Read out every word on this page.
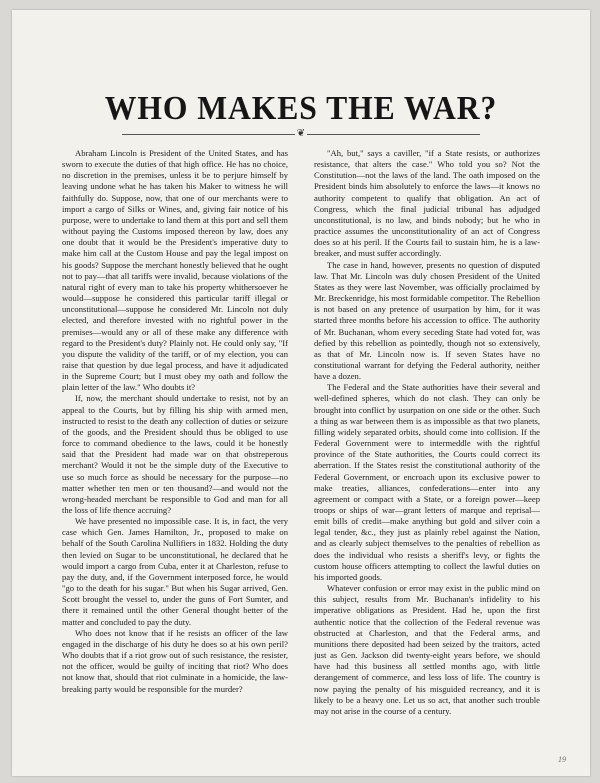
WHO MAKES THE WAR?
❦

Abraham Lincoln is President of the United States, and has sworn to execute the duties of that high office. He has no choice, no discretion in the premises, unless it be to perjure himself by leaving undone what he has taken his Maker to witness he will faithfully do. Suppose, now, that one of our merchants were to import a cargo of Silks or Wines, and, giving fair notice of his purpose, were to undertake to land them at this port and sell them without paying the Customs imposed thereon by law, does any one doubt that it would be the President's imperative duty to make him call at the Custom House and pay the legal impost on his goods? Suppose the merchant honestly believed that he ought not to pay—that all tariffs were invalid, because violations of the natural right of every man to take his property whithersoever he would—suppose he considered this particular tariff illegal or unconstitutional—suppose he considered Mr. Lincoln not duly elected, and therefore invested with no rightful power in the premises—would any or all of these make any difference with regard to the President's duty? Plainly not. He could only say, "If you dispute the validity of the tariff, or of my election, you can raise that question by due legal process, and have it adjudicated in the Supreme Court; but I must obey my oath and follow the plain letter of the law." Who doubts it?

If, now, the merchant should undertake to resist, not by an appeal to the Courts, but by filling his ship with armed men, instructed to resist to the death any collection of duties or seizure of the goods, and the President should thus be obliged to use force to command obedience to the laws, could it be honestly said that the President had made war on that obstreperous merchant? Would it not be the simple duty of the Executive to use so much force as should be necessary for the purpose—no matter whether ten men or ten thousand?—and would not the wrong-headed merchant be responsible to God and man for all the loss of life thence accruing?

We have presented no impossible case. It is, in fact, the very case which Gen. James Hamilton, Jr., proposed to make on behalf of the South Carolina Nullifiers in 1832. Holding the duty then levied on Sugar to be unconstitutional, he declared that he would import a cargo from Cuba, enter it at Charleston, refuse to pay the duty, and, if the Government interposed force, he would "go to the death for his sugar." But when his Sugar arrived, Gen. Scott brought the vessel to, under the guns of Fort Sumter, and there it remained until the other General thought better of the matter and concluded to pay the duty.

Who does not know that if he resists an officer of the law engaged in the discharge of his duty he does so at his own peril? Who doubts that if a riot grow out of such resistance, the resister, not the officer, would be guilty of inciting that riot? Who does not know that, should that riot culminate in a homicide, the law-breaking party would be responsible for the murder?

"Ah, but," says a caviller, "if a State resists, or authorizes resistance, that alters the case." Who told you so? Not the Constitution—not the laws of the land. The oath imposed on the President binds him absolutely to enforce the laws—it knows no authority competent to qualify that obligation. An act of Congress, which the final judicial tribunal has adjudged unconstitutional, is no law, and binds nobody; but he who in practice assumes the unconstitutionality of an act of Congress does so at his peril. If the Courts fail to sustain him, he is a law-breaker, and must suffer accordingly.

The case in hand, however, presents no question of disputed law. That Mr. Lincoln was duly chosen President of the United States as they were last November, was officially proclaimed by Mr. Breckenridge, his most formidable competitor. The Rebellion is not based on any pretence of usurpation by him, for it was started three months before his accession to office. The authority of Mr. Buchanan, whom every seceding State had voted for, was defied by this rebellion as pointedly, though not so extensively, as that of Mr. Lincoln now is. If seven States have no constitutional warrant for defying the Federal authority, neither have a dozen.

The Federal and the State authorities have their several and well-defined spheres, which do not clash. They can only be brought into conflict by usurpation on one side or the other. Such a thing as war between them is as impossible as that two planets, filling widely separated orbits, should come into collision. If the Federal Government were to intermeddle with the rightful province of the State authorities, the Courts could correct its aberration. If the States resist the constitutional authority of the Federal Government, or encroach upon its exclusive power to make treaties, alliances, confederations—enter into any agreement or compact with a State, or a foreign power—keep troops or ships of war—grant letters of marque and reprisal—emit bills of credit—make anything but gold and silver coin a legal tender, &c., they just as plainly rebel against the Nation, and as clearly subject themselves to the penalties of rebellion as does the individual who resists a sheriff's levy, or fights the custom house officers attempting to collect the lawful duties on his imported goods.

Whatever confusion or error may exist in the public mind on this subject, results from Mr. Buchanan's infidelity to his imperative obligations as President. Had he, upon the first authentic notice that the collection of the Federal revenue was obstructed at Charleston, and that the Federal arms, and munitions there deposited had been seized by the traitors, acted just as Gen. Jackson did twenty-eight years before, we should have had this business all settled months ago, with little derangement of commerce, and less loss of life. The country is now paying the penalty of his misguided recreancy, and it is likely to be a heavy one. Let us so act, that another such trouble may not arise in the course of a century.

19
